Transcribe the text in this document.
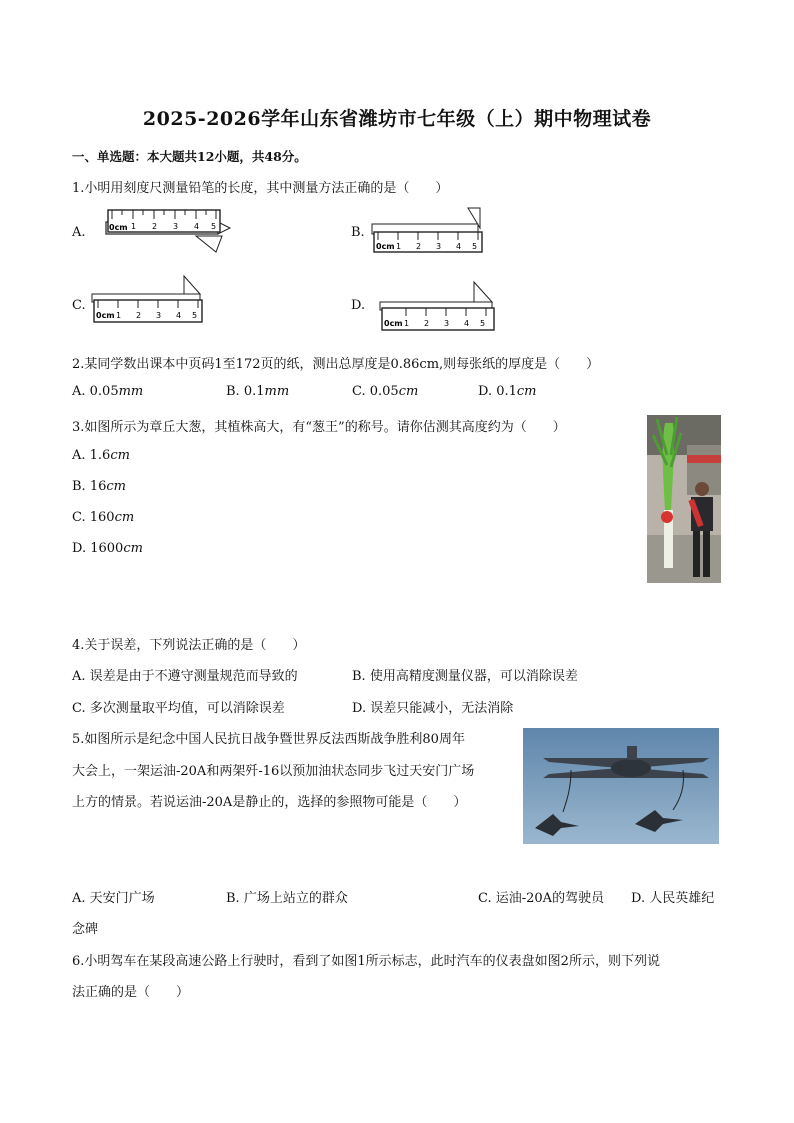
2025-2026学年山东省潍坊市七年级（上）期中物理试卷
一、单选题：本大题共12小题，共48分。
1.小明用刻度尺测量铅笔的长度，其中测量方法正确的是（　　）
A.	B.
C.	D.
0cm 1 2 3 4 5
0cm 1 2 3 4 5
0cm 1 2 3 4 5
0cm 1 2 3 4 5
2.某同学数出课本中页码1至172页的纸，测出总厚度是0.86cm,则每张纸的厚度是（　　）
A. 0.05mm	B. 0.1mm	C. 0.05cm	D. 0.1cm
3.如图所示为章丘大葱，其植株高大，有“葱王”的称号。请你估测其高度约为（　　）
A. 1.6cm
B. 16cm
C. 160cm
D. 1600cm
4.关于误差，下列说法正确的是（　　）
A. 误差是由于不遵守测量规范而导致的	B. 使用高精度测量仪器，可以消除误差
C. 多次测量取平均值，可以消除误差	D. 误差只能减小，无法消除
5.如图所示是纪念中国人民抗日战争暨世界反法西斯战争胜利80周年
大会上，一架运油-20A和两架歼-16以预加油状态同步飞过天安门广场
上方的情景。若说运油-20A是静止的，选择的参照物可能是（　　）
A. 天安门广场	B. 广场上站立的群众	C. 运油-20A的驾驶员 D. 人民英雄纪
念碑
6.小明驾车在某段高速公路上行驶时，看到了如图1所示标志，此时汽车的仪表盘如图2所示，则下列说
法正确的是（　　）
